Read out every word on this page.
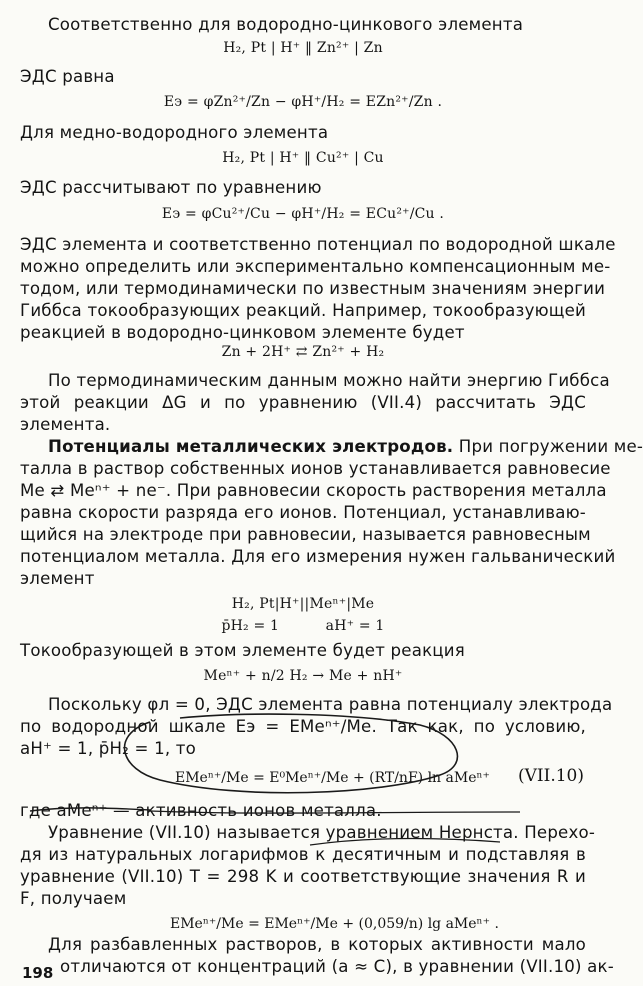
Соответственно для водородно-цинкового элемента
H₂, Pt | H⁺ ‖ Zn²⁺ | Zn
ЭДС равна
Eэ = φZn²⁺/Zn − φH⁺/H₂ = EZn²⁺/Zn .
Для медно-водородного элемента
H₂, Pt | H⁺ ‖ Cu²⁺ | Cu
ЭДС рассчитывают по уравнению
Eэ = φCu²⁺/Cu − φH⁺/H₂ = ECu²⁺/Cu .
ЭДС элемента и соответственно потенциал по водородной шкале
можно определить или экспериментально компенсационным ме-
тодом, или термодинамически по известным значениям энергии
Гиббса токообразующих реакций. Например, токообразующей
реакцией в водородно-цинковом элементе будет
Zn + 2H⁺ ⇄ Zn²⁺ + H₂
По термодинамическим данным можно найти энергию Гиббса
этой реакции ΔG и по уравнению (VII.4) рассчитать ЭДС
элемента.
Потенциалы металлических электродов. При погружении ме-
талла в раствор собственных ионов устанавливается равновесие
Me ⇄ Meⁿ⁺ + ne⁻. При равновесии скорость растворения металла
равна скорости разряда его ионов. Потенциал, устанавливаю-
щийся на электроде при равновесии, называется равновесным
потенциалом металла. Для его измерения нужен гальванический
элемент
H₂, Pt|H⁺||Meⁿ⁺|Me
p̄H₂ = 1          aH⁺ = 1
Токообразующей в этом элементе будет реакция
Meⁿ⁺ + n/2 H₂ → Me + nH⁺
Поскольку φл = 0, ЭДС элемента равна потенциалу электрода
по водородной шкале Eэ = EMeⁿ⁺/Me. Так как, по условию,
aH⁺ = 1, p̄H₂ = 1, то
EMeⁿ⁺/Me = E⁰Meⁿ⁺/Me + (RT/nF) ln aMeⁿ⁺	(VII.10)
где aMeⁿ⁺ — активность ионов металла.
Уравнение (VII.10) называется уравнением Нернста. Перехо-
дя из натуральных логарифмов к десятичным и подставляя в
уравнение (VII.10) T = 298 K и соответствующие значения R и
F, получаем
EMeⁿ⁺/Me = EMeⁿ⁺/Me + (0,059/n) lg aMeⁿ⁺ .
Для разбавленных растворов, в которых активности мало
отличаются от концентраций (a ≈ C), в уравнении (VII.10) ак-
198
